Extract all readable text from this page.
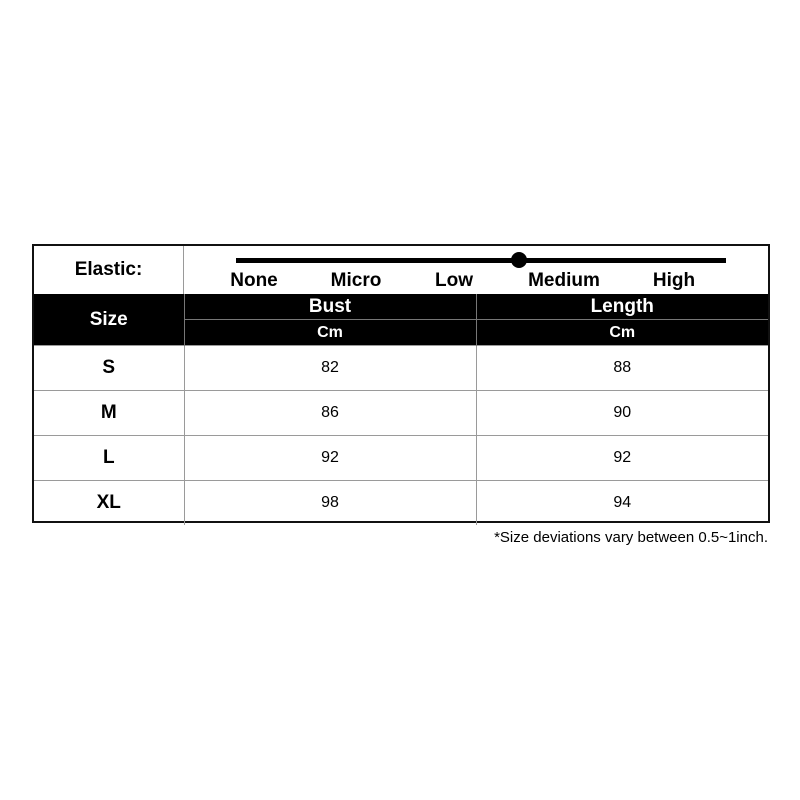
Elastic:
None	Micro	Low	Medium	High
Size	Bust	Length
	Cm	Cm
S	82	88
M	86	90
L	92	92
XL	98	94
*Size deviations vary between 0.5~1inch.
